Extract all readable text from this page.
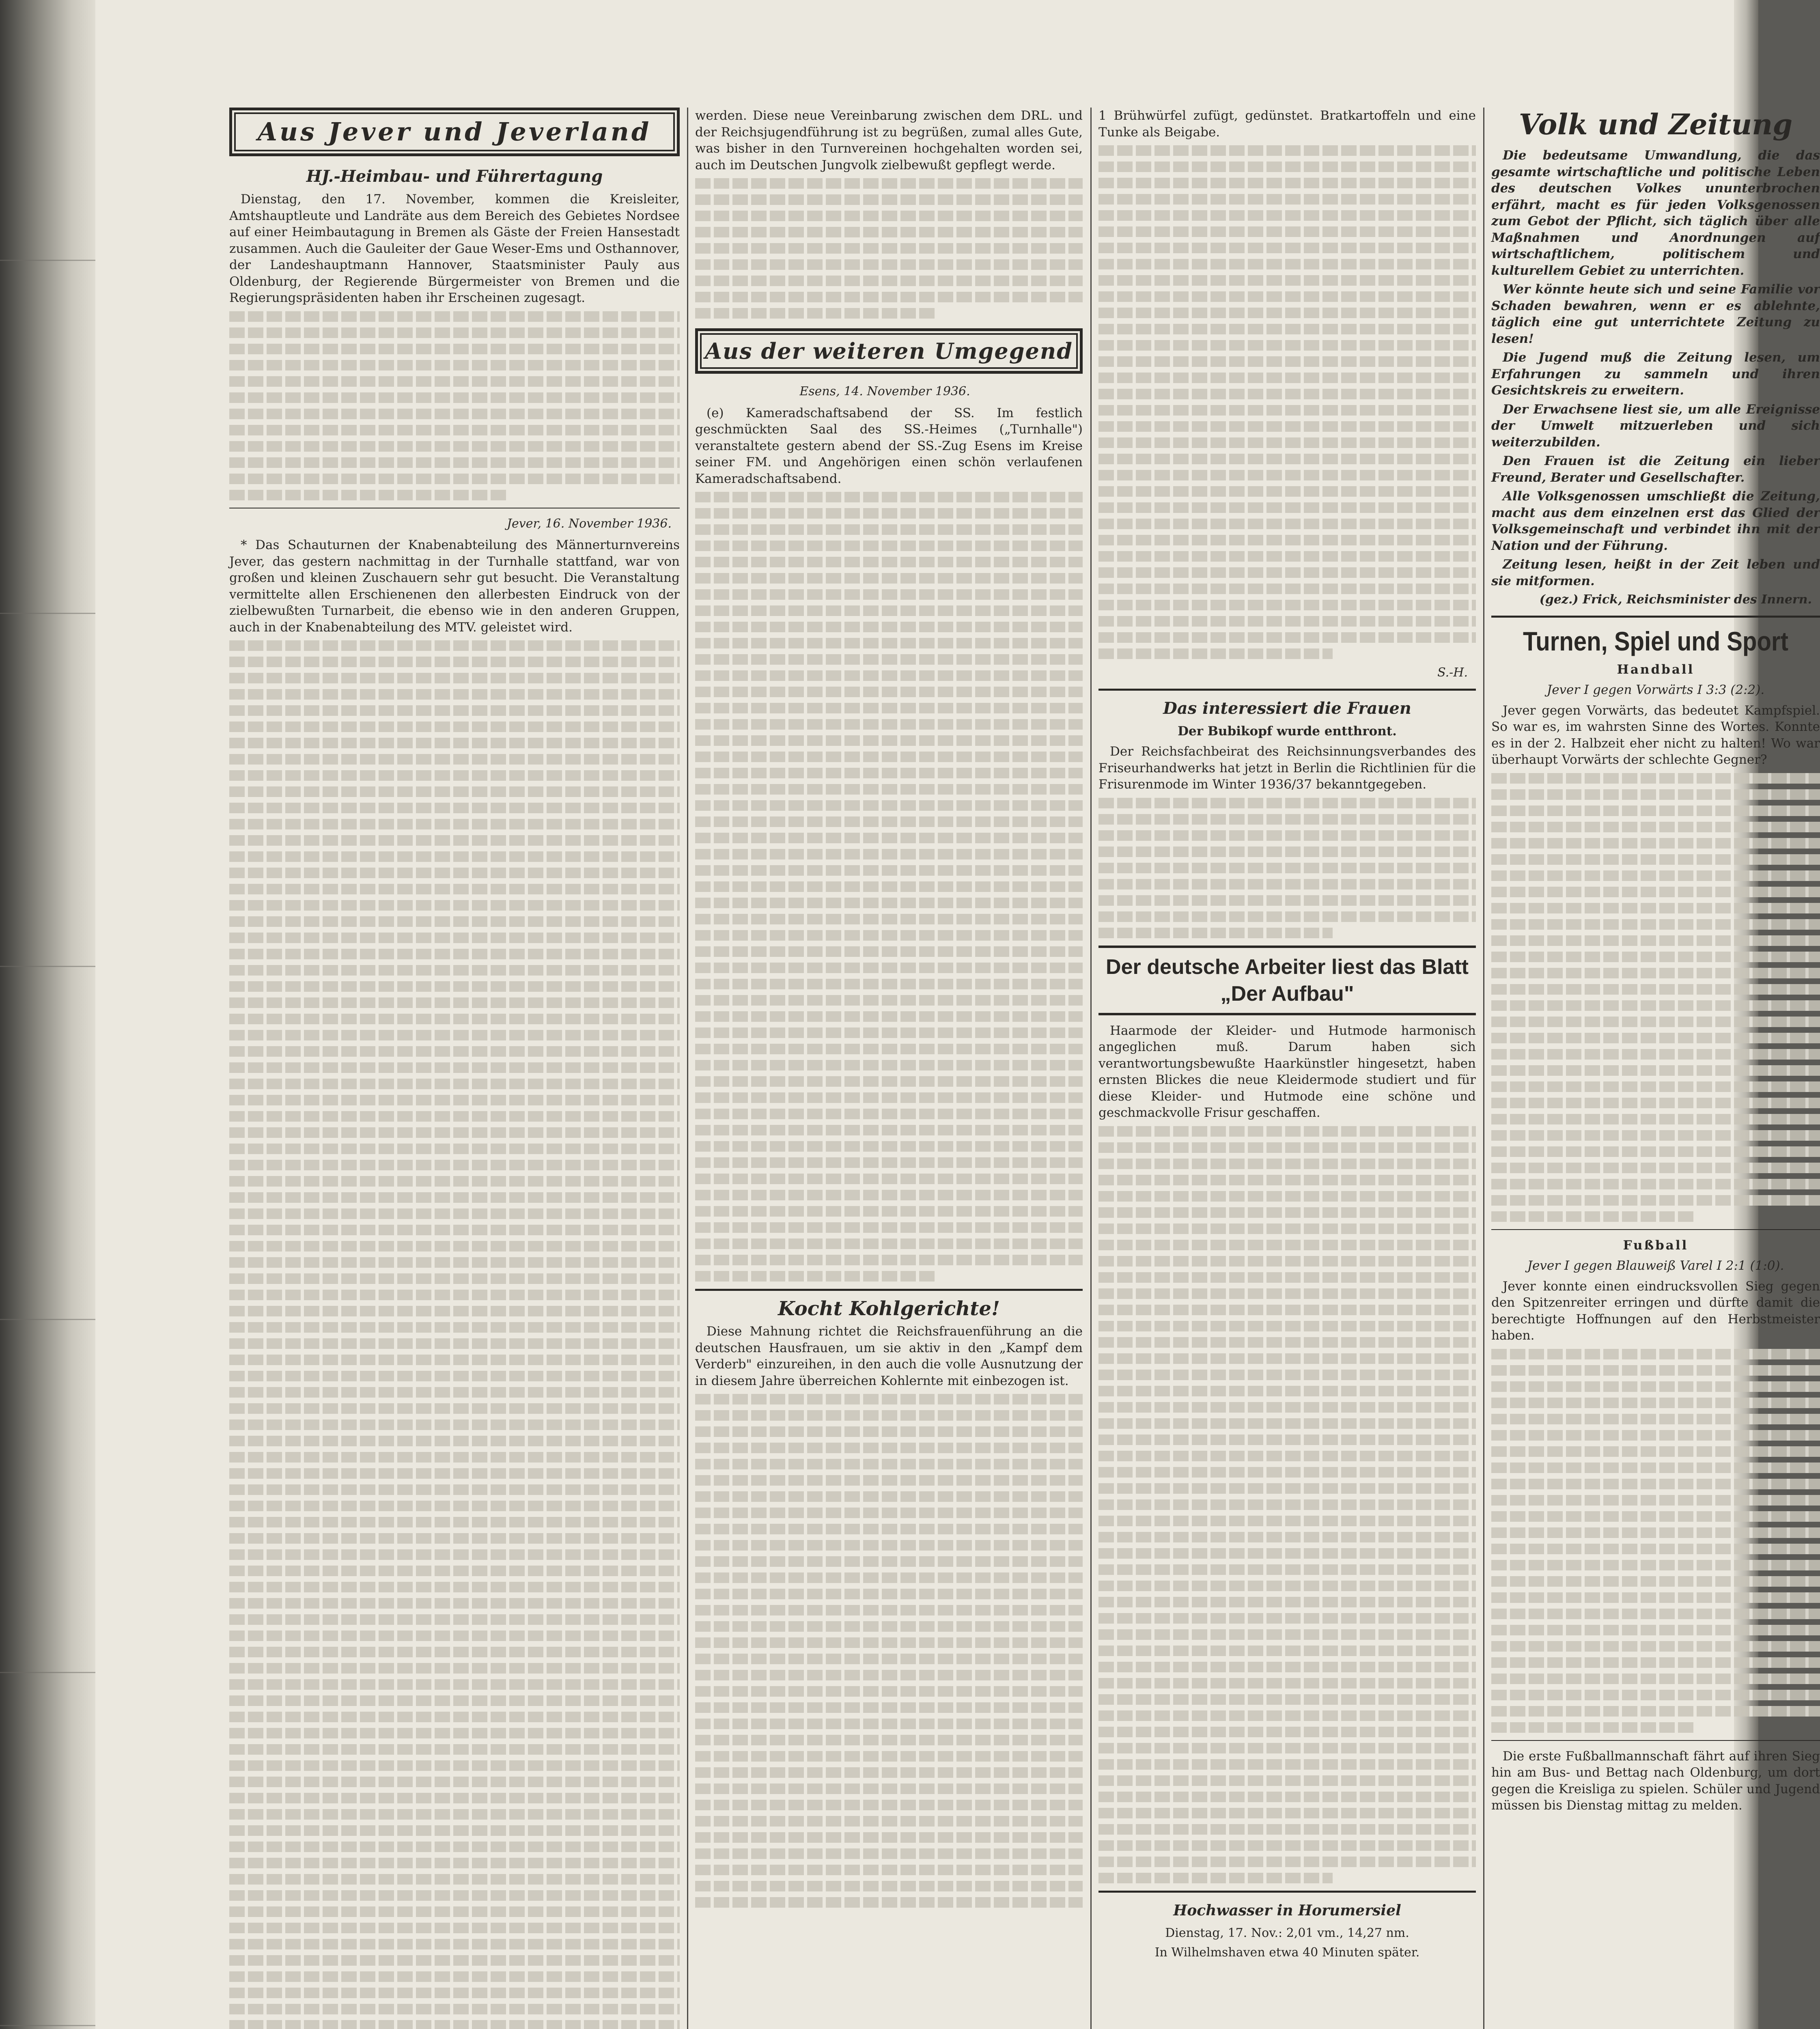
Aus Jever und Jeverland
HJ.-Heimbau- und Führertagung

Dienstag, den 17. November, kommen die Kreisleiter, Amtshauptleute und Landräte aus dem Bereich des Gebietes Nordsee auf einer Heimbautagung in Bremen als Gäste der Freien Hansestadt zusammen. Auch die Gauleiter der Gaue Weser-Ems und Osthannover, der Landeshauptmann Hannover, Staatsminister Pauly aus Oldenburg, der Regierende Bürgermeister von Bremen und die Regierungspräsidenten haben ihr Erscheinen zugesagt.

Jever, 16. November 1936.

* Das Schauturnen der Knabenabteilung des Männerturnvereins Jever, das gestern nachmittag in der Turnhalle stattfand, war von großen und kleinen Zuschauern sehr gut besucht. Die Veranstaltung vermittelte allen Erschienenen den allerbesten Eindruck von der zielbewußten Turnarbeit, die ebenso wie in den anderen Gruppen, auch in der Knabenabteilung des MTV. geleistet wird.

werden. Diese neue Vereinbarung zwischen dem DRL. und der Reichsjugendführung ist zu begrüßen, zumal alles Gute, was bisher in den Turnvereinen hochgehalten worden sei, auch im Deutschen Jungvolk zielbewußt gepflegt werde.

Aus der weiteren Umgegend
Esens, 14. November 1936.

(e) Kameradschaftsabend der SS. Im festlich geschmückten Saal des SS.-Heimes („Turnhalle") veranstaltete gestern abend der SS.-Zug Esens im Kreise seiner FM. und Angehörigen einen schön verlaufenen Kameradschaftsabend.

Kocht Kohlgerichte!

Diese Mahnung richtet die Reichsfrauenführung an die deutschen Hausfrauen, um sie aktiv in den „Kampf dem Verderb" einzureihen, in den auch die volle Ausnutzung der in diesem Jahre überreichen Kohlernte mit einbezogen ist.

1 Brühwürfel zufügt, gedünstet. Bratkartoffeln und eine Tunke als Beigabe.

S.-H.
Das interessiert die Frauen
Der Bubikopf wurde entthront.

Der Reichsfachbeirat des Reichsinnungsverbandes des Friseurhandwerks hat jetzt in Berlin die Richtlinien für die Frisurenmode im Winter 1936/37 bekanntgegeben.

Der deutsche Arbeiter liest das Blatt „Der Aufbau"

Haarmode der Kleider- und Hutmode harmonisch angeglichen muß. Darum haben sich verantwortungsbewußte Haarkünstler hingesetzt, haben ernsten Blickes die neue Kleidermode studiert und für diese Kleider- und Hutmode eine schöne und geschmackvolle Frisur geschaffen.

Hochwasser in Horumersiel
Dienstag, 17. Nov.: 2,01 vm., 14,27 nm.
In Wilhelmshaven etwa 40 Minuten später.
Volk und Zeitung

Die bedeutsame Umwandlung, die das gesamte wirtschaftliche und politische Leben des deutschen Volkes ununterbrochen erfährt, macht es für jeden Volksgenossen zum Gebot der Pflicht, sich täglich über alle Maßnahmen und Anordnungen auf wirtschaftlichem, politischem und kulturellem Gebiet zu unterrichten.

Wer könnte heute sich und seine Familie vor Schaden bewahren, wenn er es ablehnte, täglich eine gut unterrichtete Zeitung zu lesen!

Die Jugend muß die Zeitung lesen, um Erfahrungen zu sammeln und ihren Gesichtskreis zu erweitern.

Der Erwachsene liest sie, um alle Ereignisse der Umwelt mitzuerleben und sich weiterzubilden.

Den Frauen ist die Zeitung ein lieber Freund, Berater und Gesellschafter.

Alle Volksgenossen umschließt die Zeitung, macht aus dem einzelnen erst das Glied der Volksgemeinschaft und verbindet ihn mit der Nation und der Führung.

Zeitung lesen, heißt in der Zeit leben und sie mitformen.

(gez.) Frick, Reichsminister des Innern.
Turnen, Spiel und Sport
Handball
Jever I gegen Vorwärts I 3:3 (2:2).

Jever gegen Vorwärts, das bedeutet Kampfspiel. So war es, im wahrsten Sinne des Wortes. Konnte es in der 2. Halbzeit eher nicht zu halten! Wo war überhaupt Vorwärts der schlechte Gegner?

Fußball
Jever I gegen Blauweiß Varel I 2:1 (1:0).

Jever konnte einen eindrucksvollen Sieg gegen den Spitzenreiter erringen und dürfte damit die berechtigte Hoffnungen auf den Herbstmeister haben.

Die erste Fußballmannschaft fährt auf ihren Sieg hin am Bus- und Bettag nach Oldenburg, um dort gegen die Kreisliga zu spielen. Schüler und Jugend müssen bis Dienstag mittag zu melden.
